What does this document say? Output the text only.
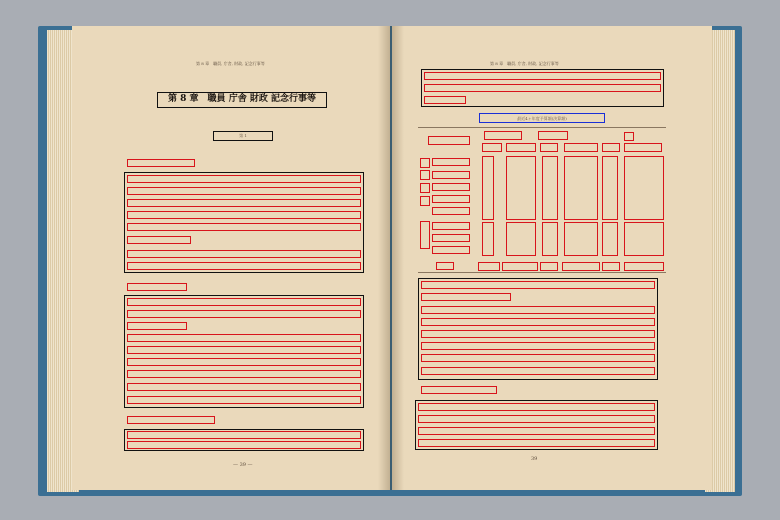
第 8 章　職員, 庁舎, 財政, 記念行事等
第 8 章　職員 庁舎 財政 記念行事等
第 1
— 39 —
第 8 章　職員, 庁舎, 財政, 記念行事等
最近4ヶ年度予算額(決算額)
39
